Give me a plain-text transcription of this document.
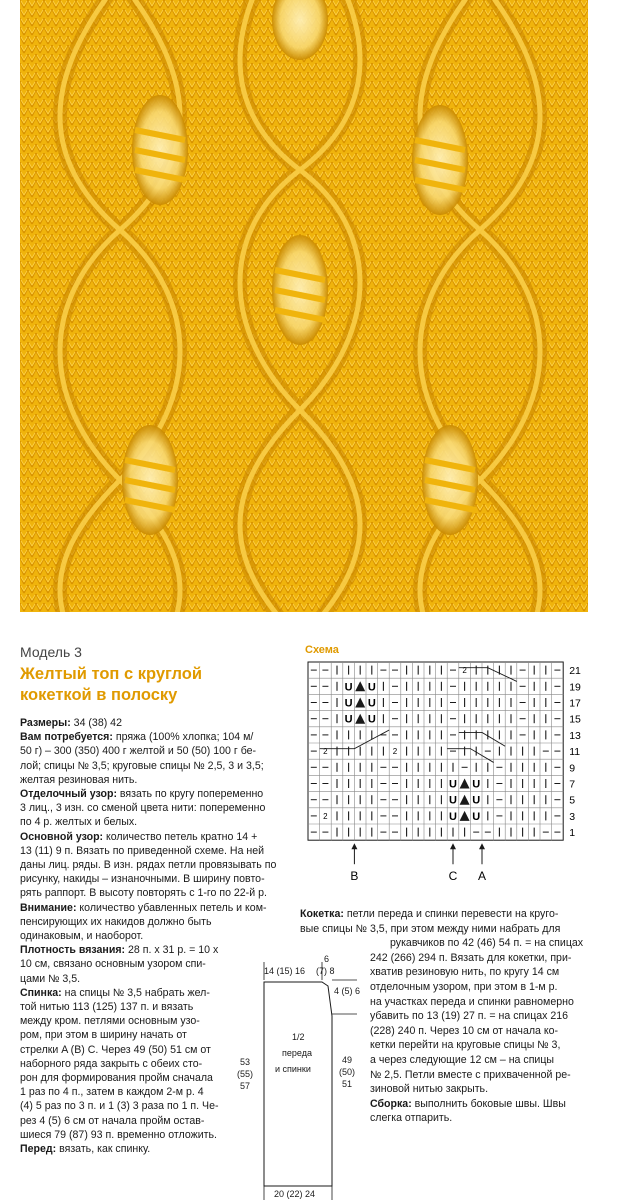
Модель 3
Желтый топ с круглой
кокеткой в полоску

Размеры: 34 (38) 42

Вам потребуется: пряжа (100% хлопка; 104 м/
50 г) – 300 (350) 400 г желтой и 50 (50) 100 г бе-
лой; спицы № 3,5; круговые спицы № 2,5, 3 и 3,5;
желтая резиновая нить.

Отделочный узор: вязать по кругу попеременно
3 лиц., 3 изн. со сменой цвета нити: попеременно
по 4 р. желтых и белых.

Основной узор: количество петель кратно 14 +
13 (11) 9 п. Вязать по приведенной схеме. На ней
даны лиц. ряды. В изн. рядах петли провязывать по
рисунку, накиды – изнаночными. В ширину повто-
рять раппорт. В высоту повторять с 1-го по 22-й р.

Внимание: количество убавленных петель и ком-
пенсирующих их накидов должно быть
одинаковым, и наоборот.

Плотность вязания: 28 п. x 31 р. = 10 x
10 см, связано основным узором спи-
цами № 3,5.

Спинка: на спицы № 3,5 набрать жел-
той нитью 113 (125) 137 п. и вязать
между кром. петлями основным узо-
ром, при этом в ширину начать от
стрелки A (B) C. Через 49 (50) 51 см от
наборного ряда закрыть с обеих сто-
рон для формирования пройм сначала
1 раз по 4 п., затем в каждом 2-м р. 4
(4) 5 раз по 3 п. и 1 (3) 3 раза по 1 п. Че-
рез 4 (5) 6 см от начала пройм остав-
шиеся 79 (87) 93 п. временно отложить.

Перед: вязать, как спинку.

Схема
2
U U
U U
U U
2	2
U U
U U
2	U U
21
19
17
15
13
11
9
7
5
3
1
B	C A

Кокетка: петли переда и спинки перевести на круго-
вые спицы № 3,5, при этом между ними набрать для
рукавчиков по 42 (46) 54 п. = на спицах
242 (266) 294 п. Вязать для кокетки, при-
хватив резиновую нить, по кругу 14 см
отделочным узором, при этом в 1-м р.
на участках переда и спинки равномерно
убавить по 13 (19) 27 п. = на спицах 216
(228) 240 п. Через 10 см от начала ко-
кетки перейти на круговые спицы № 3,
а через следующие 12 см – на спицы
№ 2,5. Петли вместе с прихваченной ре-
зиновой нитью закрыть.

Сборка: выполнить боковые швы. Швы
слегка отпарить.

14 (15) 16
6
(7) 8
4 (5) 6
1/2
переда
и спинки
53
(55)
57
49
(50)
51
20 (22) 24
